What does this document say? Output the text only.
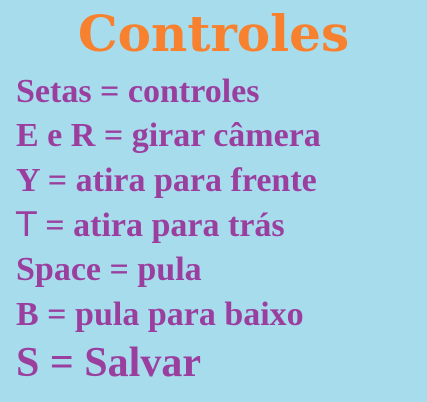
Controles
Setas = controles
E e R = girar câmera
Y = atira para frente
T = atira para trás
Space = pula
B = pula para baixo
S = Salvar
